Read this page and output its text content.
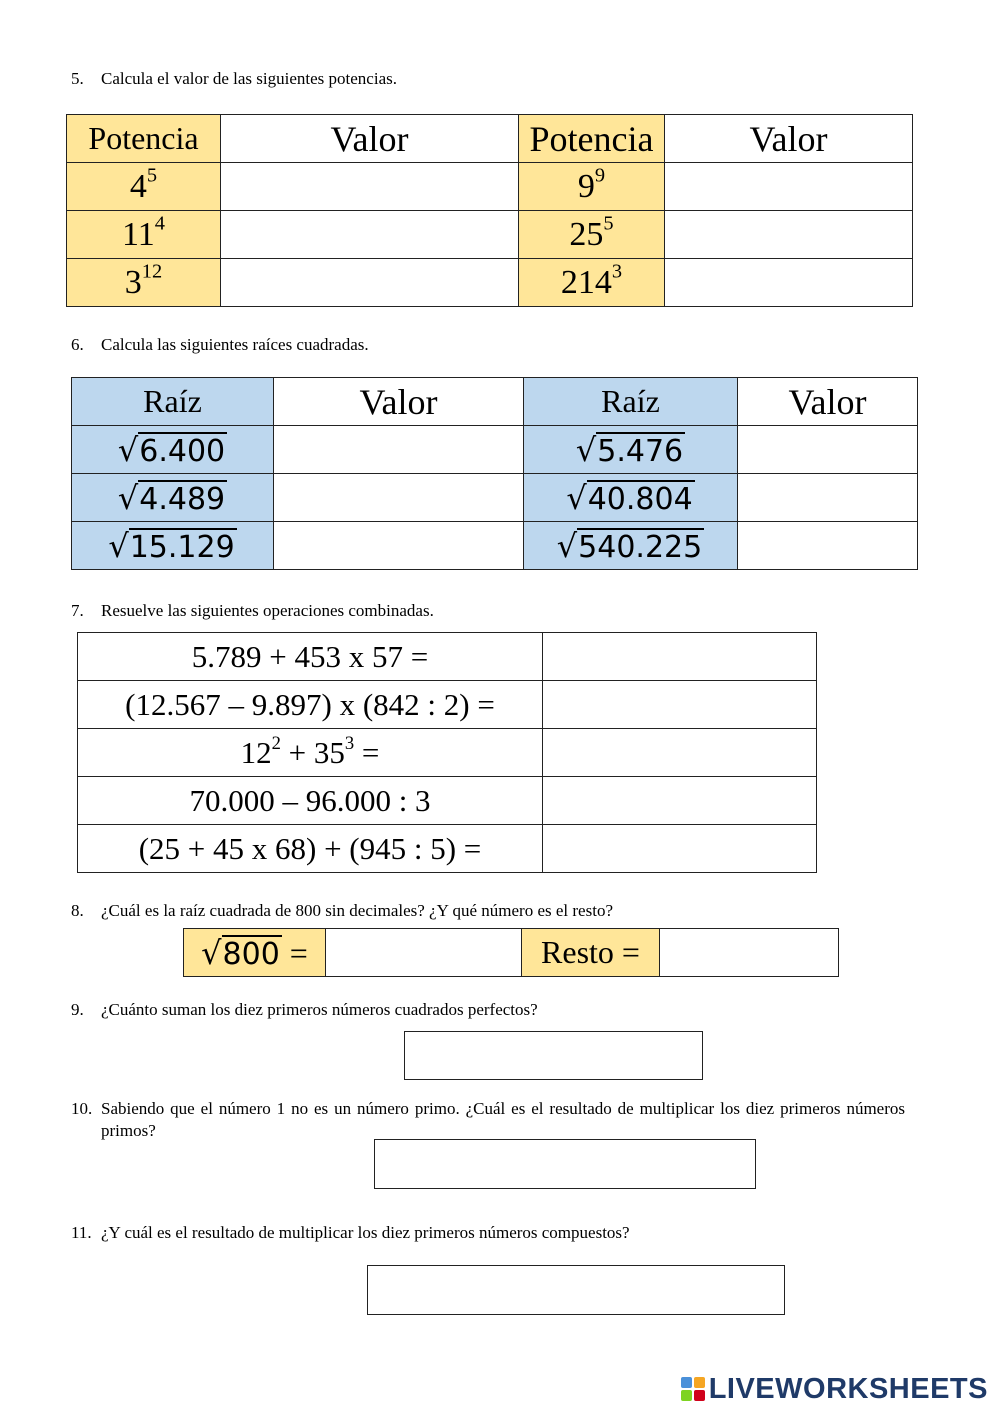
5. Calcula el valor de las siguientes potencias.
Potencia	Valor	Potencia	Valor
$4^5$		$9^9$	
$11^4$		$25^5$	
$3^{12}$		$214^3$	
6. Calcula las siguientes raíces cuadradas.
Raíz	Valor	Raíz	Valor
√6.400		√5.476	
√4.489		√40.804	
√15.129		√540.225	
7. Resuelve las siguientes operaciones combinadas.
5.789 + 453 x 57 =	
(12.567 – 9.897) x (842 : 2) =	
$12^2 + 35^3$ =	
70.000 – 96.000 : 3	
(25 + 45 x 68) + (945 : 5) =	
8. ¿Cuál es la raíz cuadrada de 800 sin decimales? ¿Y qué número es el resto?
√800 =		Resto =	
9. ¿Cuánto suman los diez primeros números cuadrados perfectos?
10. Sabiendo que el número 1 no es un número primo. ¿Cuál es el resultado de multiplicar los diez primeros números primos?
11. ¿Y cuál es el resultado de multiplicar los diez primeros números compuestos?
LIVEWORKSHEETS
